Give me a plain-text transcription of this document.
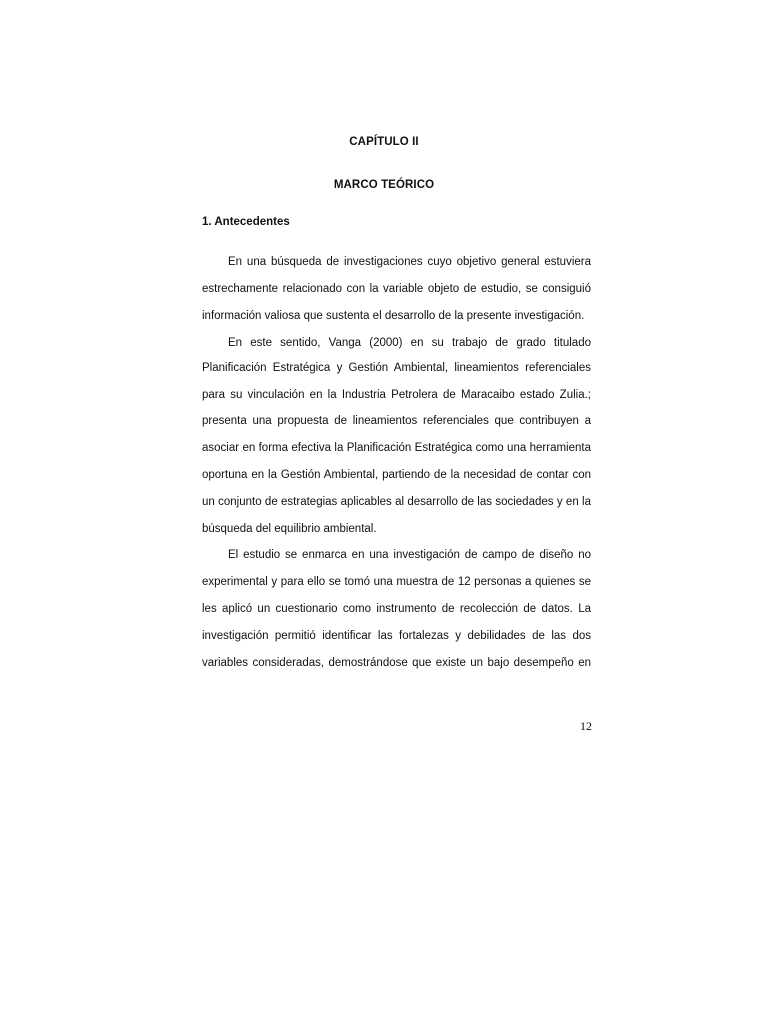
CAPÍTULO II
MARCO TEÓRICO
1. Antecedentes
En una búsqueda de investigaciones cuyo objetivo general estuviera
estrechamente relacionado con la variable objeto de estudio, se consiguió
información valiosa que sustenta el desarrollo de la presente investigación.
En este sentido, Vanga (2000) en su trabajo de grado titulado
Planificación Estratégica y Gestión Ambiental, lineamientos referenciales
para su vinculación en la Industria Petrolera de Maracaibo estado Zulia.;
presenta una propuesta de lineamientos referenciales que contribuyen a
asociar en forma efectiva la Planificación Estratégica como una herramienta
oportuna en la Gestión Ambiental, partiendo de la necesidad de contar con
un conjunto de estrategias aplicables al desarrollo de las sociedades y en la
búsqueda del equilibrio ambiental.
El estudio se enmarca en una investigación de campo de diseño no
experimental y para ello se tomó una muestra de 12 personas a quienes se
les aplicó un cuestionario como instrumento de recolección de datos. La
investigación permitió identificar las fortalezas y debilidades de las dos
variables consideradas, demostrándose que existe un bajo desempeño en
12
